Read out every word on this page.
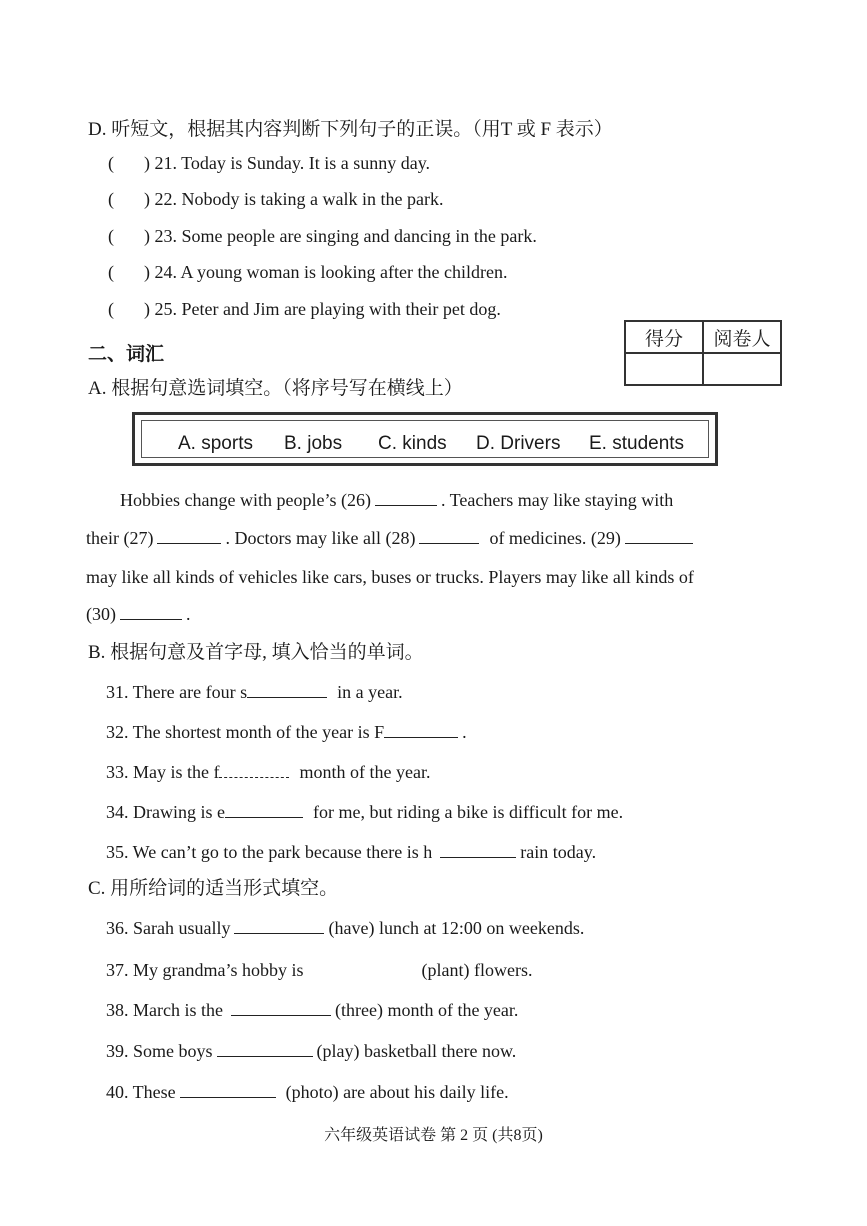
D. 听短文，根据其内容判断下列句子的正误。（用T 或 F 表示）
( ) 21. Today is Sunday. It is a sunny day.
( ) 22. Nobody is taking a walk in the park.
( ) 23. Some people are singing and dancing in the park.
( ) 24. A young woman is looking after the children.
( ) 25. Peter and Jim are playing with their pet dog.
得分	阅卷人

二、词汇
A. 根据句意选词填空。（将序号写在横线上）
A. sports B. jobs C. kinds D. Drivers E. students
Hobbies change with people’s (26)	. Teachers may like staying with
their (27)	. Doctors may like all (28)	of medicines. (29)
may like all kinds of vehicles like cars, buses or trucks. Players may like all kinds of
(30)	.
B. 根据句意及首字母, 填入恰当的单词。
31. There are four s	in a year.
32. The shortest month of the year is F	.
33. May is the f	month of the year.
34. Drawing is e	for me, but riding a bike is difficult for me.
35. We can’t go to the park because there is h	rain today.
C. 用所给词的适当形式填空。
36. Sarah usually	(have) lunch at 12:00 on weekends.
37. My grandma’s hobby is	(plant) flowers.
38. March is the	(three) month of the year.
39. Some boys	(play) basketball there now.
40. These	(photo) are about his daily life.
六年级英语试卷 第 2 页 (共8页)
